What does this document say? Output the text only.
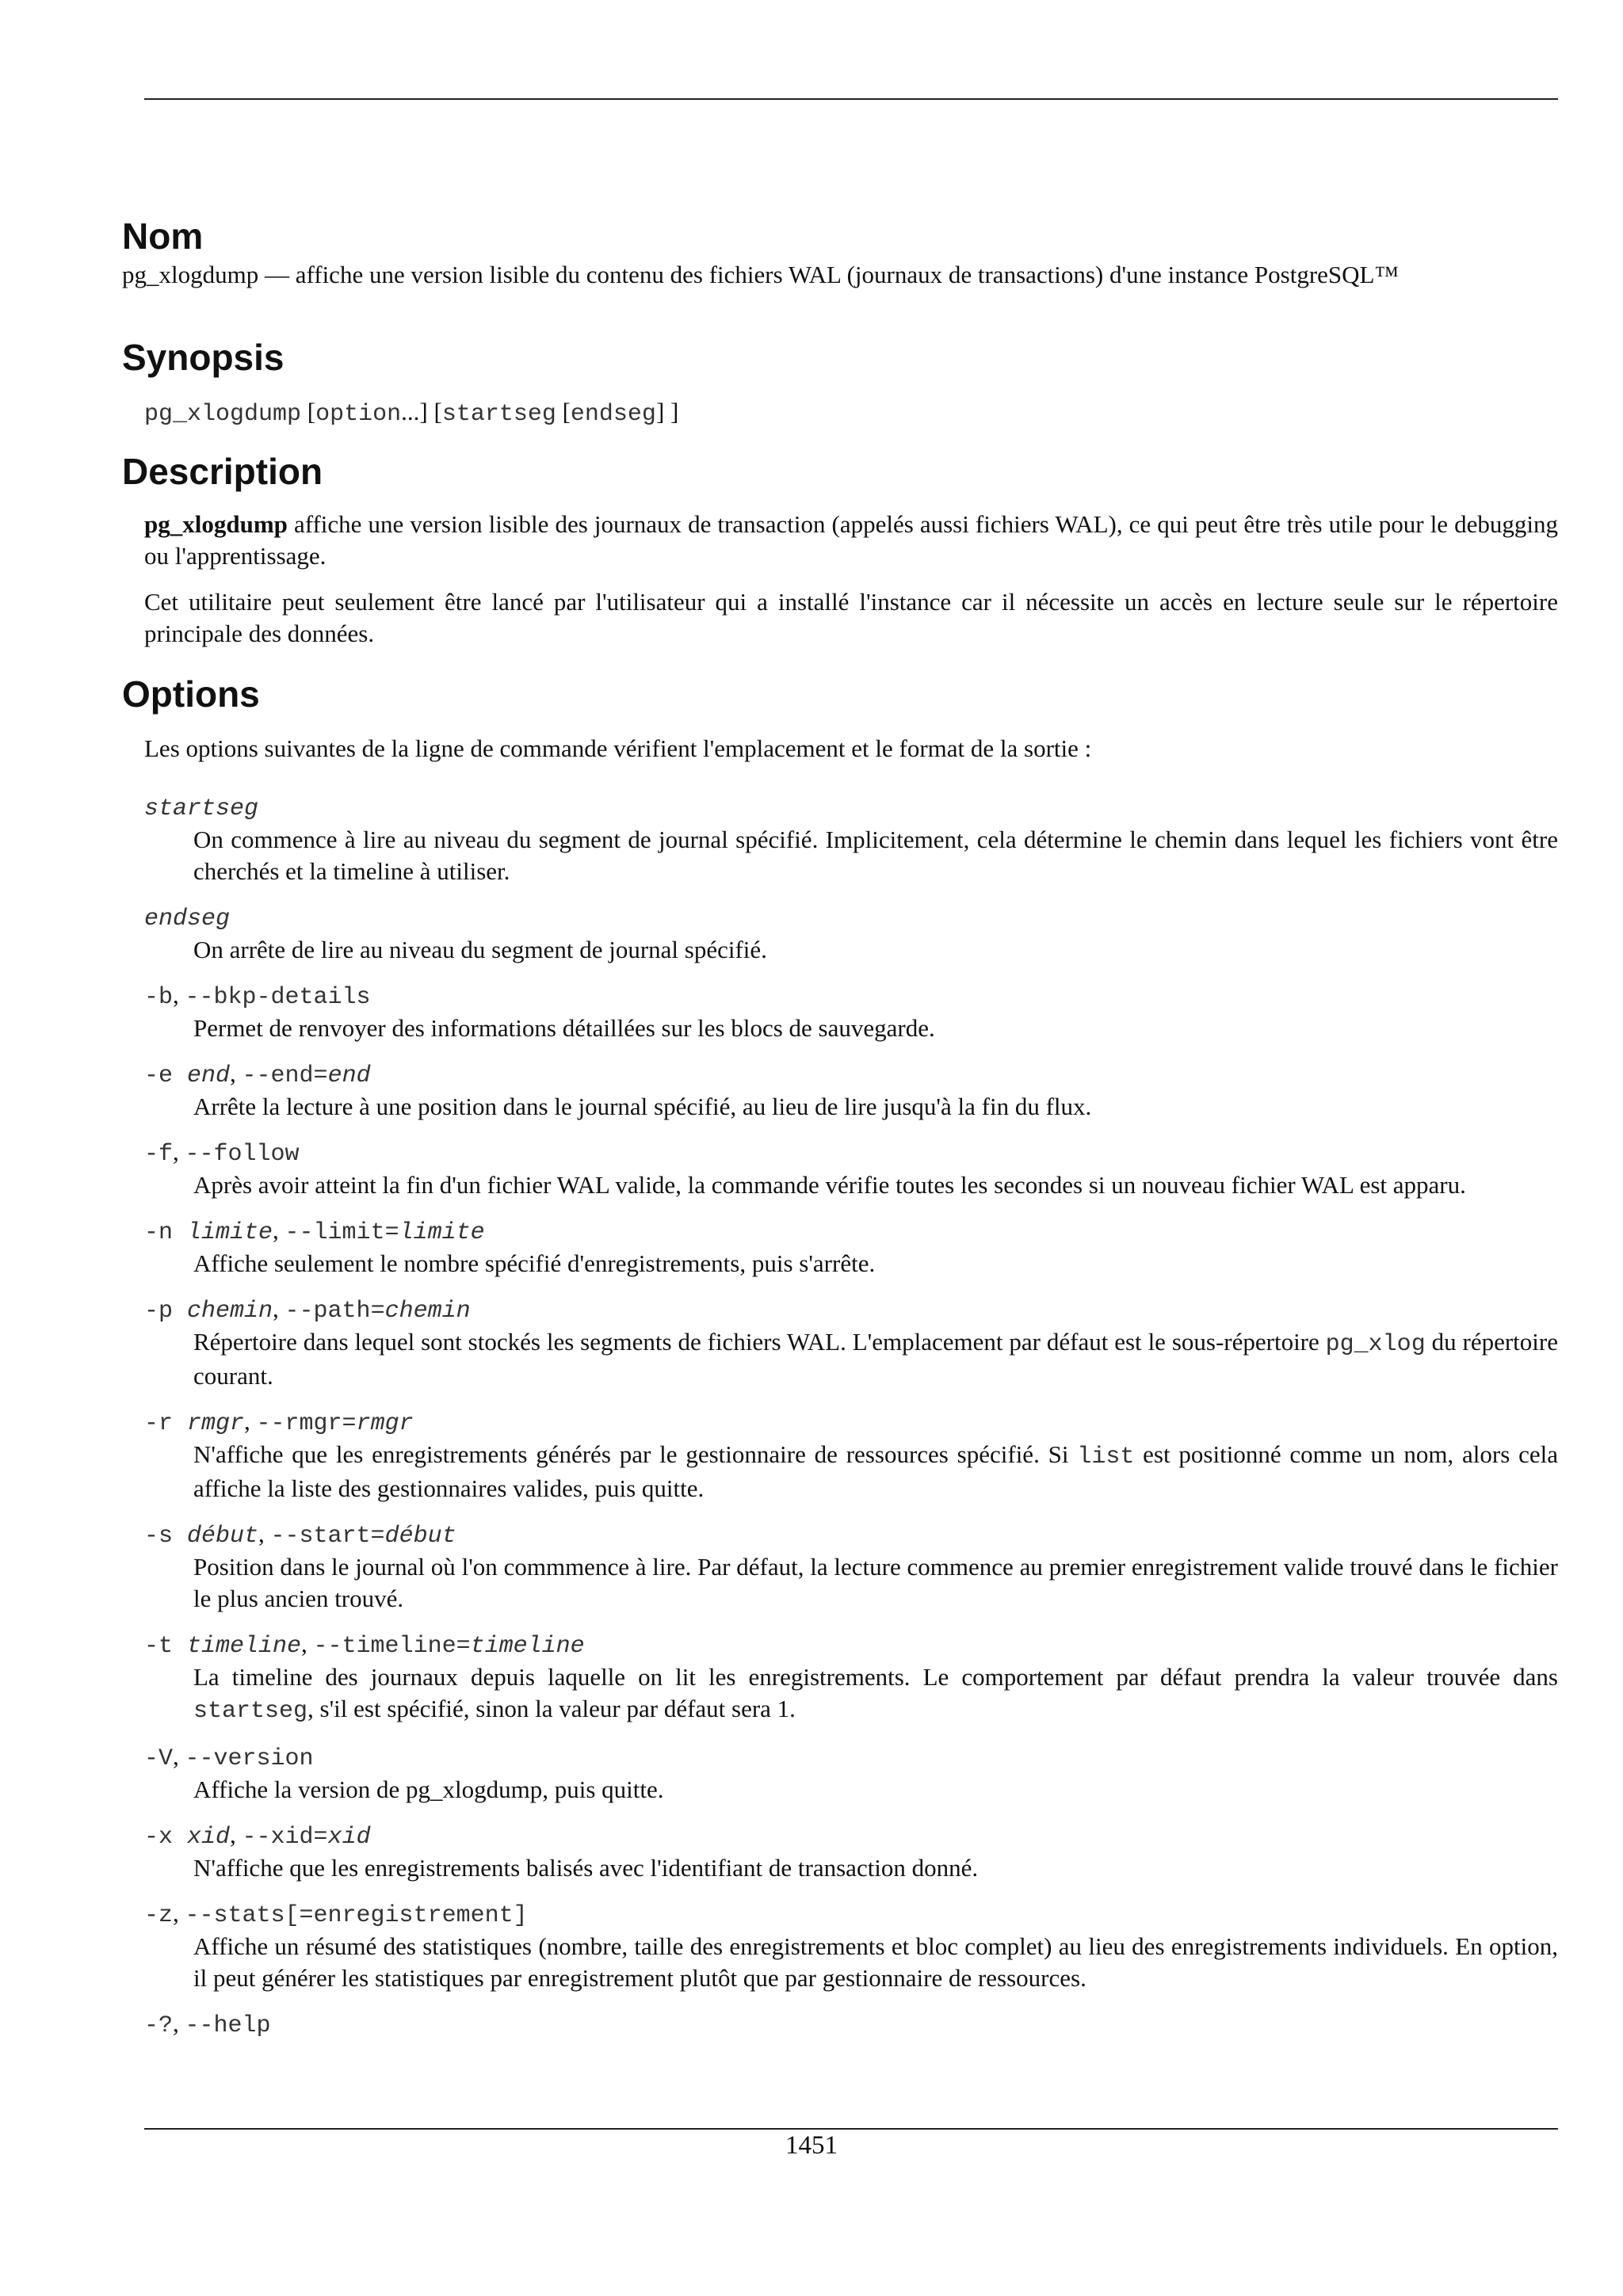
Nom

pg_xlogdump — affiche une version lisible du contenu des fichiers WAL (journaux de transactions) d'une instance PostgreSQL™

Synopsis

pg_xlogdump [option...] [startseg [endseg] ]

Description

pg_xlogdump affiche une version lisible des journaux de transaction (appelés aussi fichiers WAL), ce qui peut être très utile pour le debugging ou l'apprentissage.

Cet utilitaire peut seulement être lancé par l'utilisateur qui a installé l'instance car il nécessite un accès en lecture seule sur le répertoire principale des données.

Options

Les options suivantes de la ligne de commande vérifient l'emplacement et le format de la sortie :

startseg
On commence à lire au niveau du segment de journal spécifié. Implicitement, cela détermine le chemin dans lequel les fichiers vont être cherchés et la timeline à utiliser.
endseg
On arrête de lire au niveau du segment de journal spécifié.
-b, --bkp-details
Permet de renvoyer des informations détaillées sur les blocs de sauvegarde.
-e end, --end=end
Arrête la lecture à une position dans le journal spécifié, au lieu de lire jusqu'à la fin du flux.
-f, --follow
Après avoir atteint la fin d'un fichier WAL valide, la commande vérifie toutes les secondes si un nouveau fichier WAL est apparu.
-n limite, --limit=limite
Affiche seulement le nombre spécifié d'enregistrements, puis s'arrête.
-p chemin, --path=chemin
Répertoire dans lequel sont stockés les segments de fichiers WAL. L'emplacement par défaut est le sous-répertoire pg_xlog du répertoire courant.
-r rmgr, --rmgr=rmgr
N'affiche que les enregistrements générés par le gestionnaire de ressources spécifié. Si list est positionné comme un nom, alors cela affiche la liste des gestionnaires valides, puis quitte.
-s début, --start=début
Position dans le journal où l'on commmence à lire. Par défaut, la lecture commence au premier enregistrement valide trouvé dans le fichier le plus ancien trouvé.
-t timeline, --timeline=timeline
La timeline des journaux depuis laquelle on lit les enregistrements. Le comportement par défaut prendra la valeur trouvée dans startseg, s'il est spécifié, sinon la valeur par défaut sera 1.
-V, --version
Affiche la version de pg_xlogdump, puis quitte.
-x xid, --xid=xid
N'affiche que les enregistrements balisés avec l'identifiant de transaction donné.
-z, --stats[=enregistrement]
Affiche un résumé des statistiques (nombre, taille des enregistrements et bloc complet) au lieu des enregistrements individuels. En option, il peut générer les statistiques par enregistrement plutôt que par gestionnaire de ressources.
-?, --help
1451
